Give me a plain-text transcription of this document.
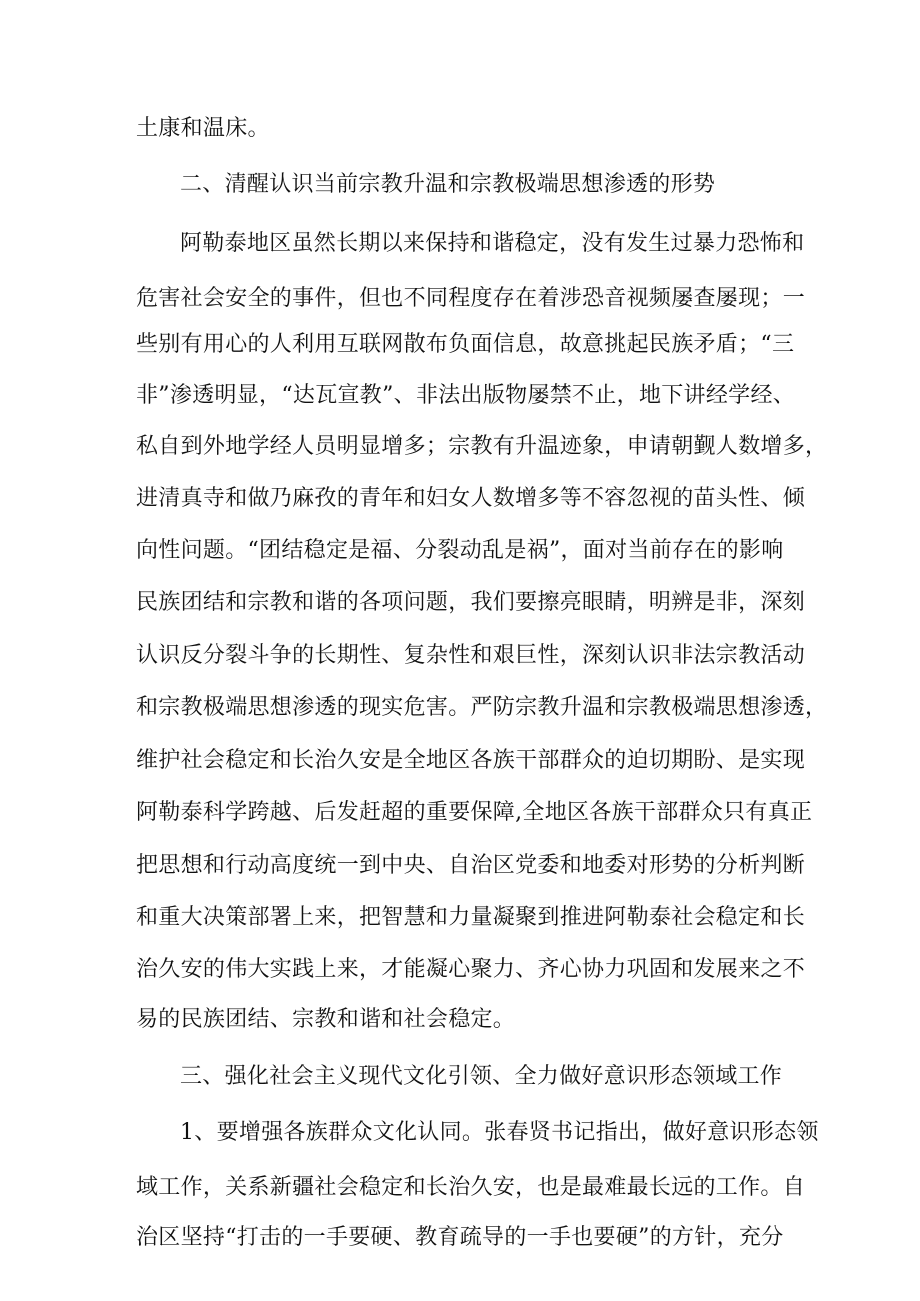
土康和温床。
二、清醒认识当前宗教升温和宗教极端思想渗透的形势
阿勒泰地区虽然长期以来保持和谐稳定，没有发生过暴力恐怖和
危害社会安全的事件，但也不同程度存在着涉恐音视频屡查屡现；一
些别有用心的人利用互联网散布负面信息，故意挑起民族矛盾；“三
非”渗透明显，“达瓦宣教”、非法出版物屡禁不止，地下讲经学经、
私自到外地学经人员明显增多；宗教有升温迹象，申请朝觐人数增多，
进清真寺和做乃麻孜的青年和妇女人数增多等不容忽视的苗头性、倾
向性问题。“团结稳定是福、分裂动乱是祸”，面对当前存在的影响
民族团结和宗教和谐的各项问题，我们要擦亮眼睛，明辨是非，深刻
认识反分裂斗争的长期性、复杂性和艰巨性，深刻认识非法宗教活动
和宗教极端思想渗透的现实危害。严防宗教升温和宗教极端思想渗透，
维护社会稳定和长治久安是全地区各族干部群众的迫切期盼、是实现
阿勒泰科学跨越、后发赶超的重要保障,全地区各族干部群众只有真正
把思想和行动高度统一到中央、自治区党委和地委对形势的分析判断
和重大决策部署上来，把智慧和力量凝聚到推进阿勒泰社会稳定和长
治久安的伟大实践上来，才能凝心聚力、齐心协力巩固和发展来之不
易的民族团结、宗教和谐和社会稳定。
三、强化社会主义现代文化引领、全力做好意识形态领域工作
1、要增强各族群众文化认同。张春贤书记指出，做好意识形态领
域工作，关系新疆社会稳定和长治久安，也是最难最长远的工作。自
治区坚持“打击的一手要硬、教育疏导的一手也要硬”的方针，充分
